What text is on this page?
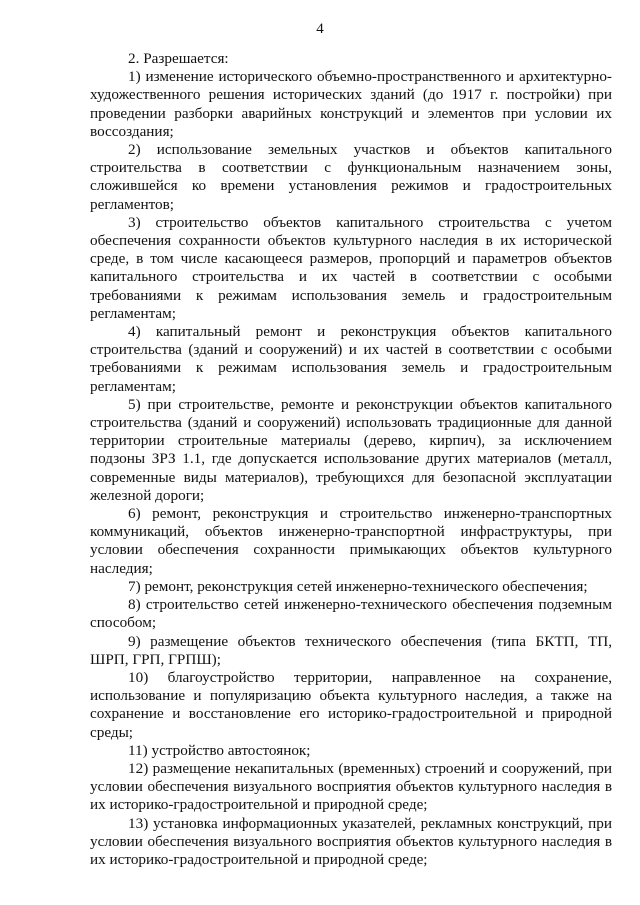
4

2. Разрешается:

1) изменение исторического объемно-пространственного и архитектурно-художественного решения исторических зданий (до 1917 г. постройки) при проведении разборки аварийных конструкций и элементов при условии их воссоздания;

2) использование земельных участков и объектов капитального строительства в соответствии с функциональным назначением зоны, сложившейся ко времени установления режимов и градостроительных регламентов;

3) строительство объектов капитального строительства с учетом обеспечения сохранности объектов культурного наследия в их исторической среде, в том числе касающееся размеров, пропорций и параметров объектов капитального строительства и их частей в соответствии с особыми требованиями к режимам использования земель и градостроительным регламентам;

4) капитальный ремонт и реконструкция объектов капитального строительства (зданий и сооружений) и их частей в соответствии с особыми требованиями к режимам использования земель и градостроительным регламентам;

5) при строительстве, ремонте и реконструкции объектов капитального строительства (зданий и сооружений) использовать традиционные для данной территории строительные материалы (дерево, кирпич), за исключением подзоны ЗРЗ 1.1, где допускается использование других материалов (металл, современные виды материалов), требующихся для безопасной эксплуатации железной дороги;

6) ремонт, реконструкция и строительство инженерно-транспортных коммуникаций, объектов инженерно-транспортной инфраструктуры, при условии обеспечения сохранности примыкающих объектов культурного наследия;

7) ремонт, реконструкция сетей инженерно-технического обеспечения;

8) строительство сетей инженерно-технического обеспечения подземным способом;

9) размещение объектов технического обеспечения (типа БКТП, ТП, ШРП, ГРП, ГРПШ);

10) благоустройство территории, направленное на сохранение, использование и популяризацию объекта культурного наследия, а также на сохранение и восстановление его историко-градостроительной и природной среды;

11) устройство автостоянок;

12) размещение некапитальных (временных) строений и сооружений, при условии обеспечения визуального восприятия объектов культурного наследия в их историко-градостроительной и природной среде;

13) установка информационных указателей, рекламных конструкций, при условии обеспечения визуального восприятия объектов культурного наследия в их историко-градостроительной и природной среде;
